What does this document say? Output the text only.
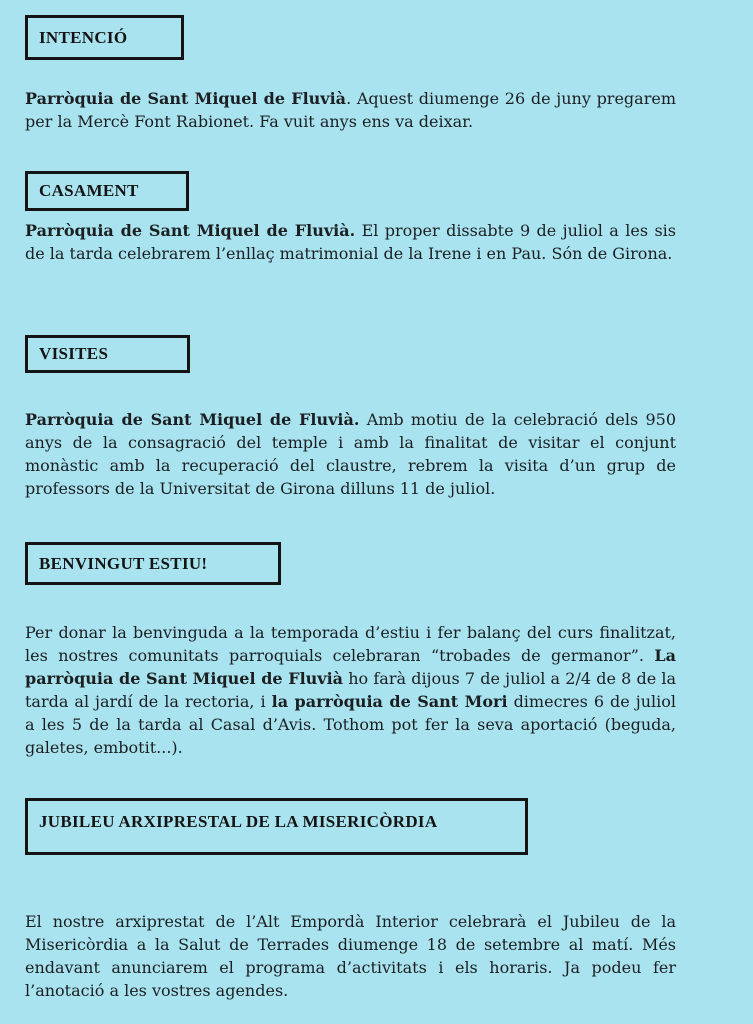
INTENCIÓ

Parròquia de Sant Miquel de Fluvià. Aquest diumenge 26 de juny pregarem per la Mercè Font Rabionet. Fa vuit anys ens va deixar.

CASAMENT

Parròquia de Sant Miquel de Fluvià. El proper dissabte 9 de juliol a les sis de la tarda celebrarem l’enllaç matrimonial de la Irene i en Pau. Són de Girona.

VISITES

Parròquia de Sant Miquel de Fluvià. Amb motiu de la celebració dels 950 anys de la consagració del temple i amb la finalitat de visitar el conjunt monàstic amb la recuperació del claustre, rebrem la visita d’un grup de professors de la Universitat de Girona dilluns 11 de juliol.

BENVINGUT ESTIU!

Per donar la benvinguda a la temporada d’estiu i fer balanç del curs finalitzat, les nostres comunitats parroquials celebraran “trobades de germanor”. La parròquia de Sant Miquel de Fluvià ho farà dijous 7 de juliol a 2/4 de 8 de la tarda al jardí de la rectoria, i la parròquia de Sant Mori dimecres 6 de juliol a les 5 de la tarda al Casal d’Avis. Tothom pot fer la seva aportació (beguda, galetes, embotit...).

JUBILEU ARXIPRESTAL DE LA MISERICÒRDIA

El nostre arxiprestat de l’Alt Empordà Interior celebrarà el Jubileu de la Misericòrdia a la Salut de Terrades diumenge 18 de setembre al matí. Més endavant anunciarem el programa d’activitats i els horaris. Ja podeu fer l’anotació a les vostres agendes.
